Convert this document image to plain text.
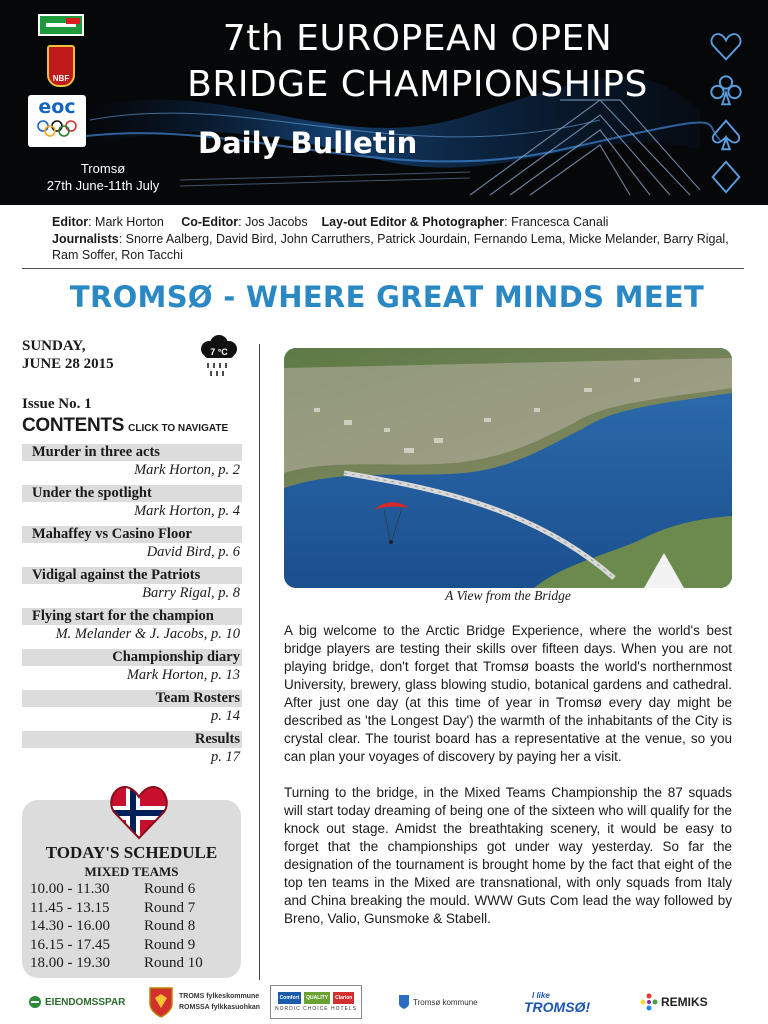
NBF
eoc
7th EUROPEAN OPEN
BRIDGE CHAMPIONSHIPS
Daily Bulletin
Tromsø
27th June-11th July
Editor: Mark Horton Co-Editor: Jos Jacobs Lay-out Editor & Photographer: Francesca Canali
Journalists: Snorre Aalberg, David Bird, John Carruthers, Patrick Jourdain, Fernando Lema, Micke Melander, Barry Rigal, Ram Soffer, Ron Tacchi
TROMSØ - WHERE GREAT MINDS MEET
SUNDAY,
JUNE 28 2015
7 °C
Issue No. 1
CONTENTS CLICK TO NAVIGATE
Murder in three acts
Mark Horton, p. 2
Under the spotlight
Mark Horton, p. 4
Mahaffey vs Casino Floor
David Bird, p. 6
Vidigal against the Patriots
Barry Rigal, p. 8
Flying start for the champion
M. Melander & J. Jacobs, p. 10
Championship diary
Mark Horton, p. 13
Team Rosters
p. 14
Results
p. 17
TODAY'S SCHEDULE
MIXED TEAMS
10.00 - 11.30	Round 6
11.45 - 13.15	Round 7
14.30 - 16.00	Round 8
16.15 - 17.45	Round 9
18.00 - 19.30	Round 10
A View from the Bridge

A big welcome to the Arctic Bridge Experience, where the world's best bridge players are testing their skills over fifteen days. When you are not playing bridge, don't forget that Tromsø boasts the world's northernmost University, brewery, glass blowing studio, botanical gardens and cathedral. After just one day (at this time of year in Tromsø every day might be described as 'the Longest Day') the warmth of the inhabitants of the City is crystal clear. The tourist board has a representative at the venue, so you can plan your voyages of discovery by paying her a visit.

Turning to the bridge, in the Mixed Teams Championship the 87 squads will start today dreaming of being one of the sixteen who will qualify for the knock out stage. Amidst the breathtaking scenery, it would be easy to forget that the championships got under way yesterday. So far the designation of the tournament is brought home by the fact that eight of the top ten teams in the Mixed are transnational, with only squads from Italy and China breaking the mould. WWW Guts Com lead the way followed by Breno, Valio, Gunsmoke & Stabell.

EIENDOMSSPAR	TROMS fylkeskommune
ROMSSA fylkkasuohkan
Comfort	QUALITY	Clarion
NORDIC CHOICE HOTELS
Tromsø kommune
I like
TROMSØ!	REMIKS
